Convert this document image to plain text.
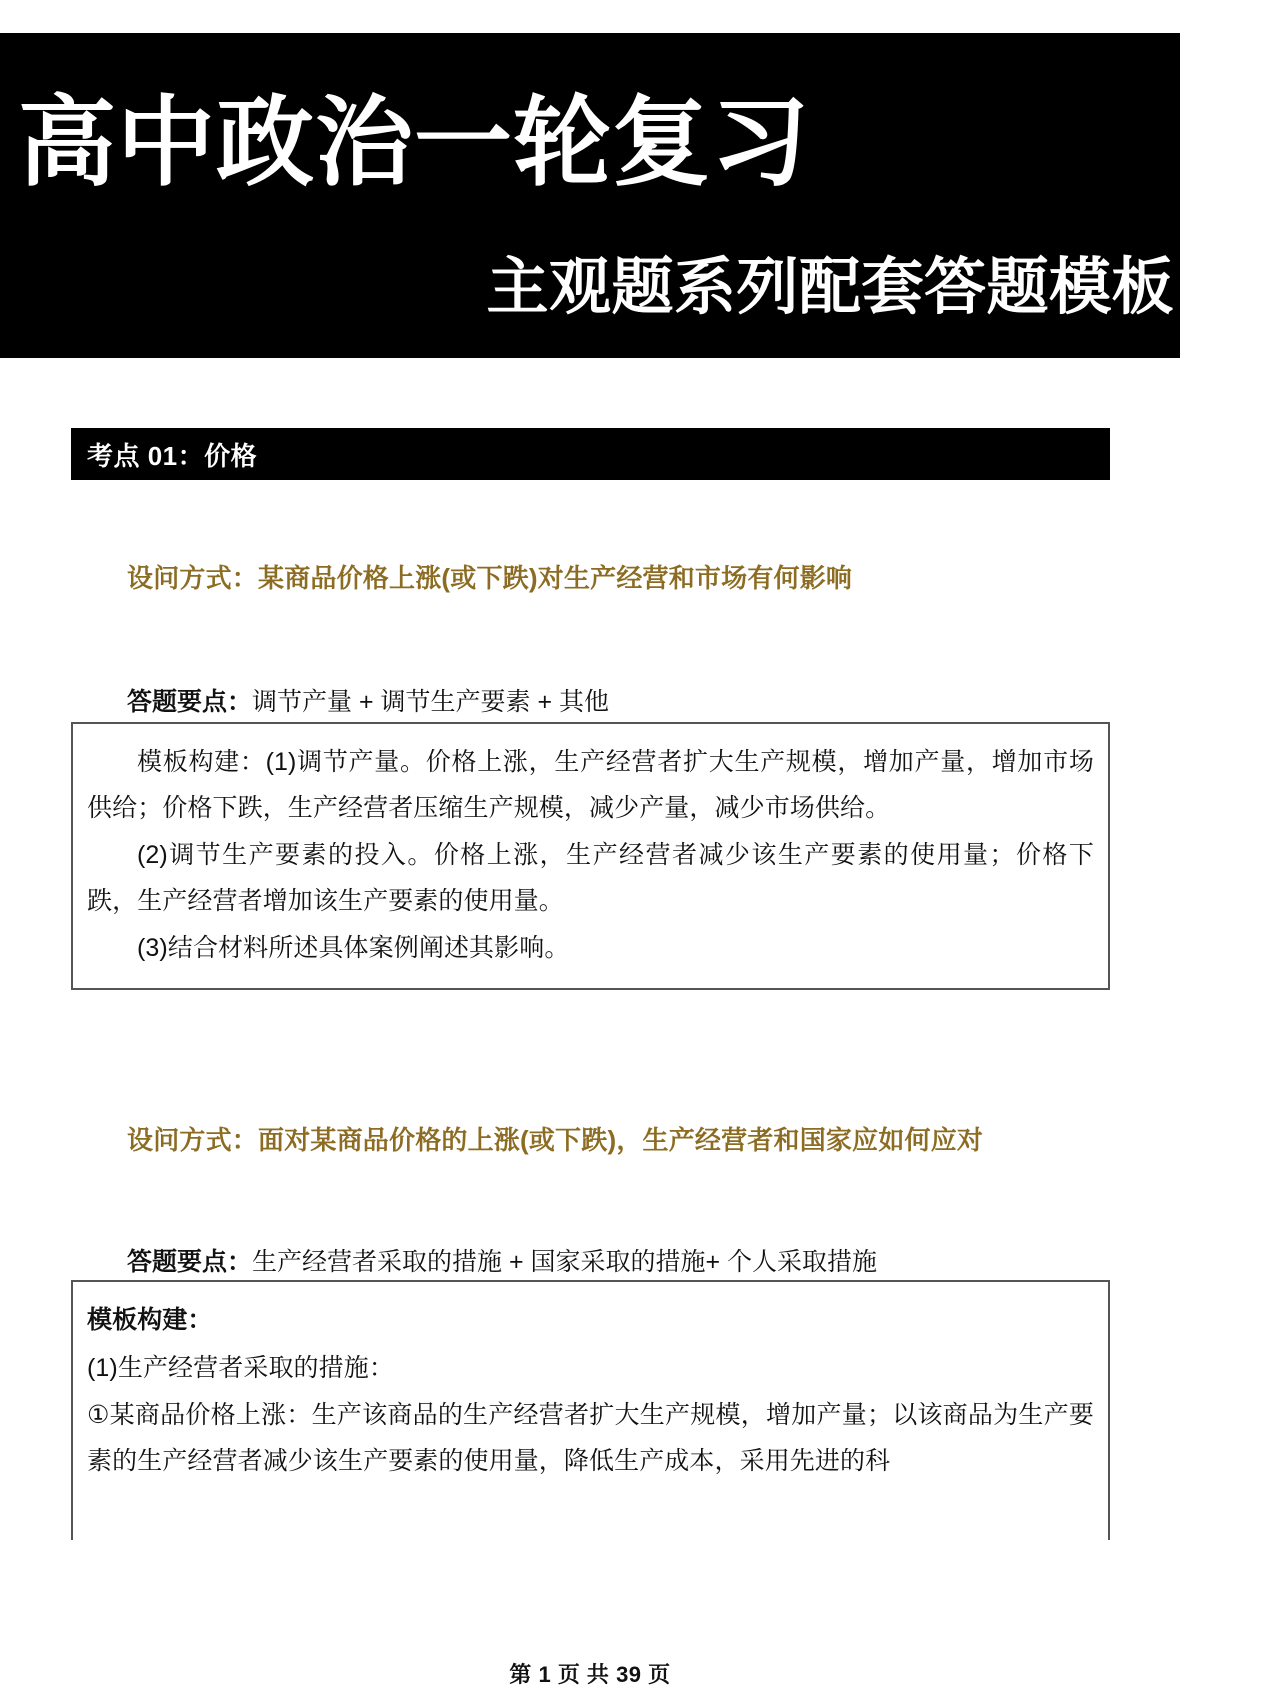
高中政治一轮复习
主观题系列配套答题模板
考点 01：价格
设问方式：某商品价格上涨(或下跌)对生产经营和市场有何影响
答题要点：调节产量 + 调节生产要素 + 其他

模板构建：(1)调节产量。价格上涨，生产经营者扩大生产规模，增加产量，增加市场供给；价格下跌，生产经营者压缩生产规模，减少产量，减少市场供给。

(2)调节生产要素的投入。价格上涨，生产经营者减少该生产要素的使用量；价格下跌，生产经营者增加该生产要素的使用量。

(3)结合材料所述具体案例阐述其影响。

设问方式：面对某商品价格的上涨(或下跌)，生产经营者和国家应如何应对
答题要点：生产经营者采取的措施 + 国家采取的措施+ 个人采取措施

模板构建：

(1)生产经营者采取的措施：

①某商品价格上涨：生产该商品的生产经营者扩大生产规模，增加产量；以该商品为生产要素的生产经营者减少该生产要素的使用量，降低生产成本，采用先进的科

第 1 页 共 39 页
